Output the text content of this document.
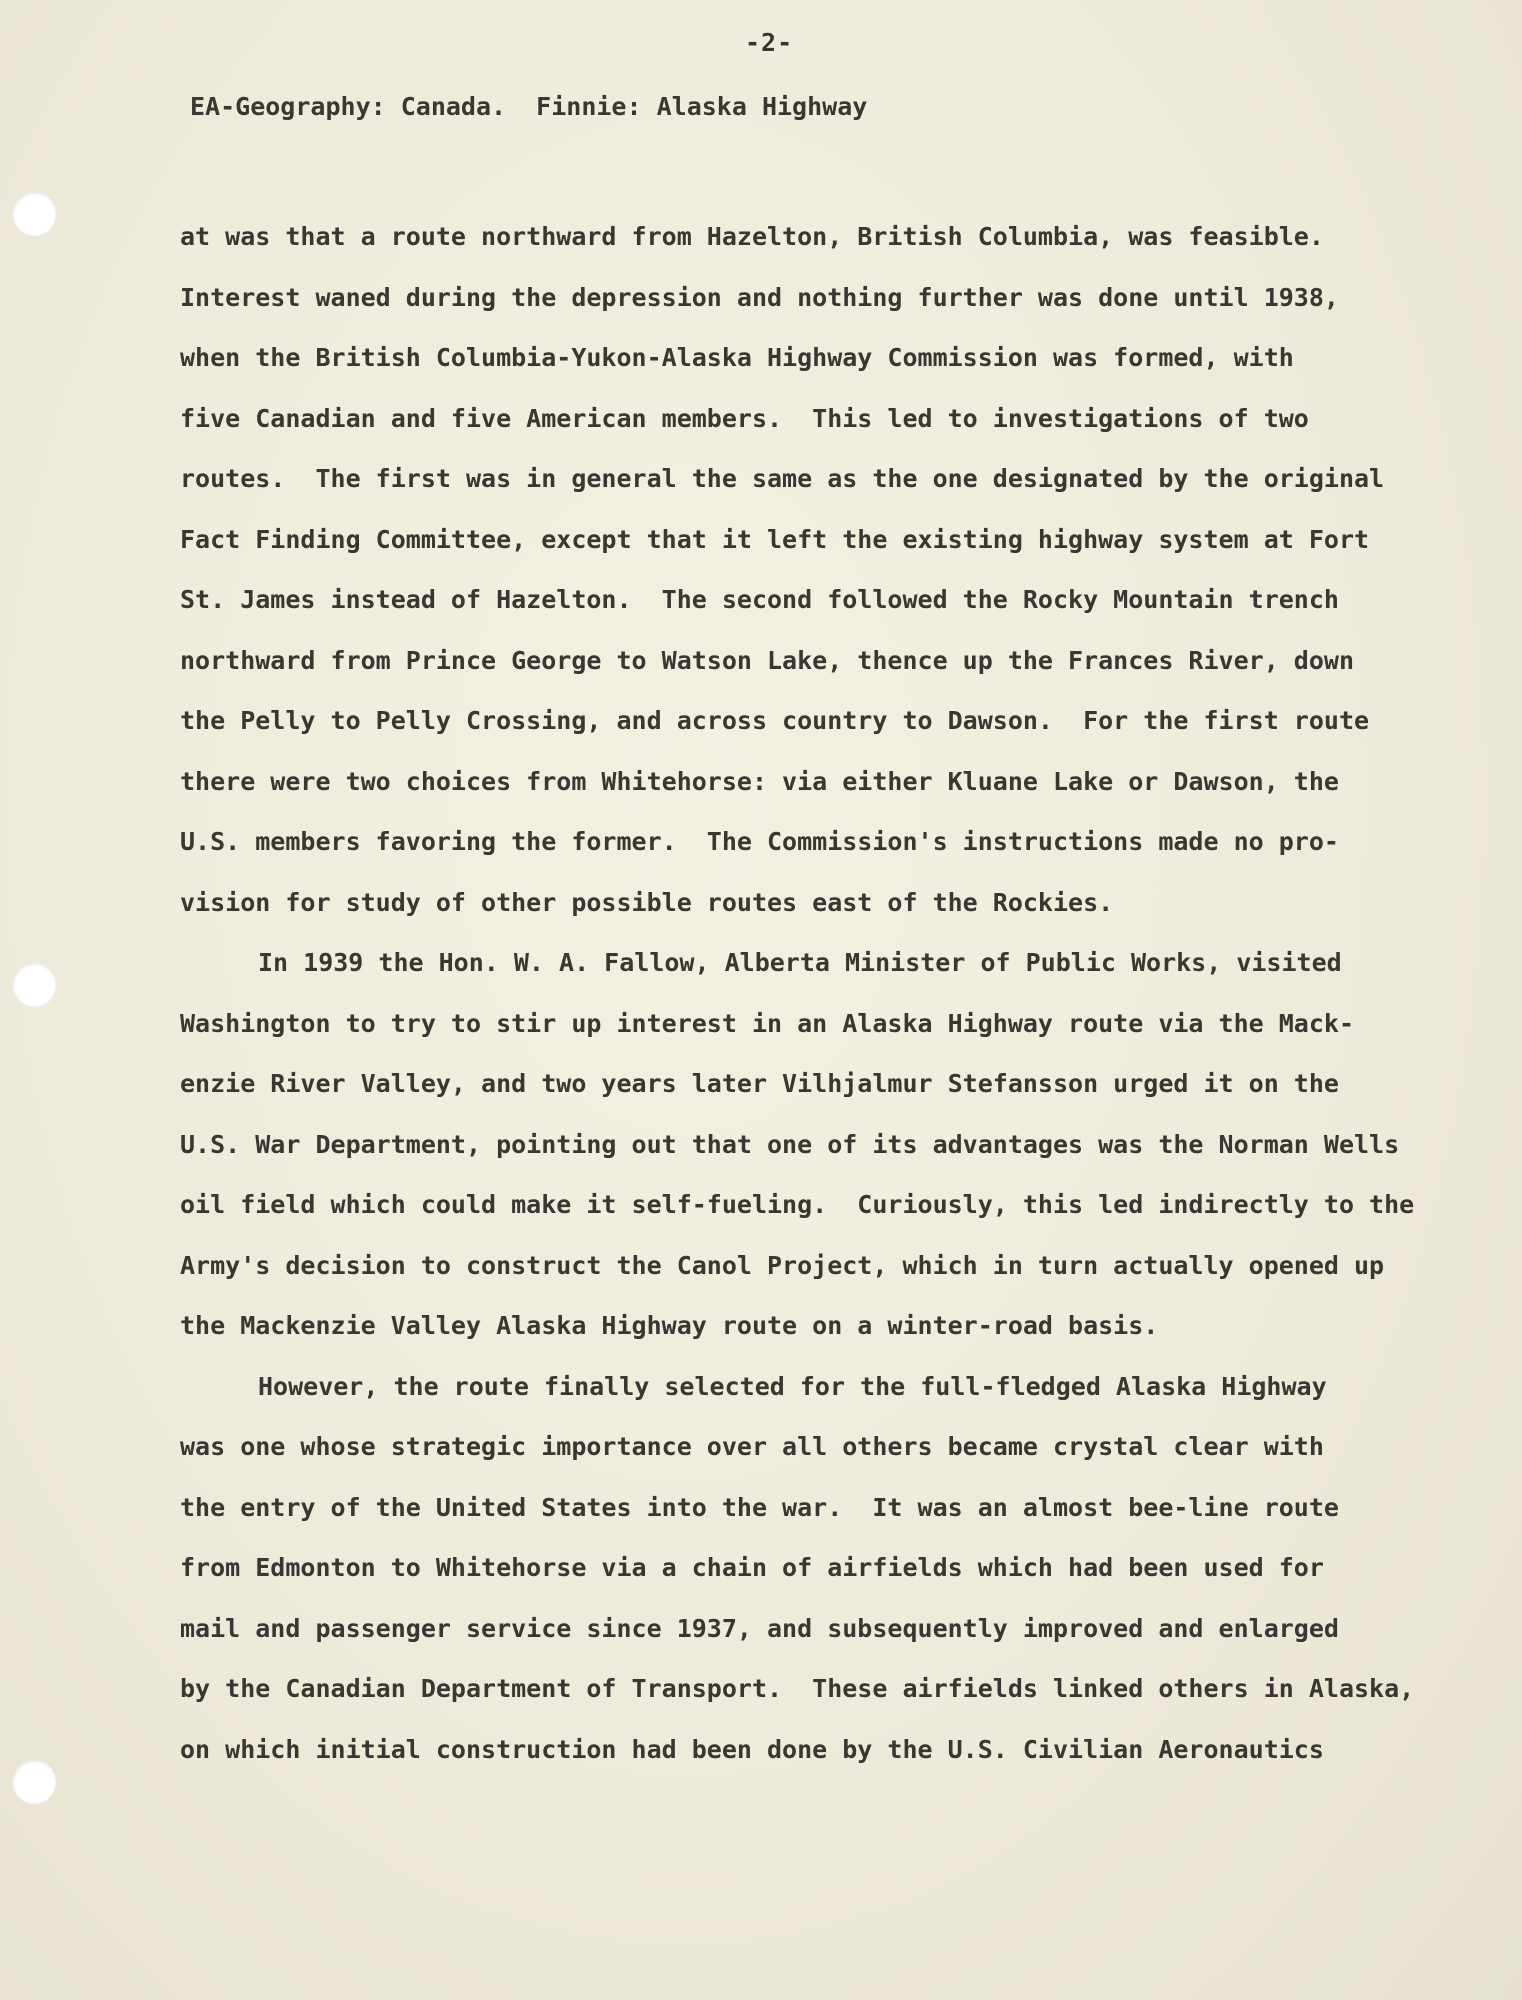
-2-
EA-Geography: Canada.  Finnie: Alaska Highway
at was that a route northward from Hazelton, British Columbia, was feasible.
Interest waned during the depression and nothing further was done until 1938,
when the British Columbia-Yukon-Alaska Highway Commission was formed, with
five Canadian and five American members.  This led to investigations of two
routes.  The first was in general the same as the one designated by the original
Fact Finding Committee, except that it left the existing highway system at Fort
St. James instead of Hazelton.  The second followed the Rocky Mountain trench
northward from Prince George to Watson Lake, thence up the Frances River, down
the Pelly to Pelly Crossing, and across country to Dawson.  For the first route
there were two choices from Whitehorse: via either Kluane Lake or Dawson, the
U.S. members favoring the former.  The Commission's instructions made no pro-
vision for study of other possible routes east of the Rockies.
In 1939 the Hon. W. A. Fallow, Alberta Minister of Public Works, visited
Washington to try to stir up interest in an Alaska Highway route via the Mack-
enzie River Valley, and two years later Vilhjalmur Stefansson urged it on the
U.S. War Department, pointing out that one of its advantages was the Norman Wells
oil field which could make it self-fueling.  Curiously, this led indirectly to the
Army's decision to construct the Canol Project, which in turn actually opened up
the Mackenzie Valley Alaska Highway route on a winter-road basis.
However, the route finally selected for the full-fledged Alaska Highway
was one whose strategic importance over all others became crystal clear with
the entry of the United States into the war.  It was an almost bee-line route
from Edmonton to Whitehorse via a chain of airfields which had been used for
mail and passenger service since 1937, and subsequently improved and enlarged
by the Canadian Department of Transport.  These airfields linked others in Alaska,
on which initial construction had been done by the U.S. Civilian Aeronautics
